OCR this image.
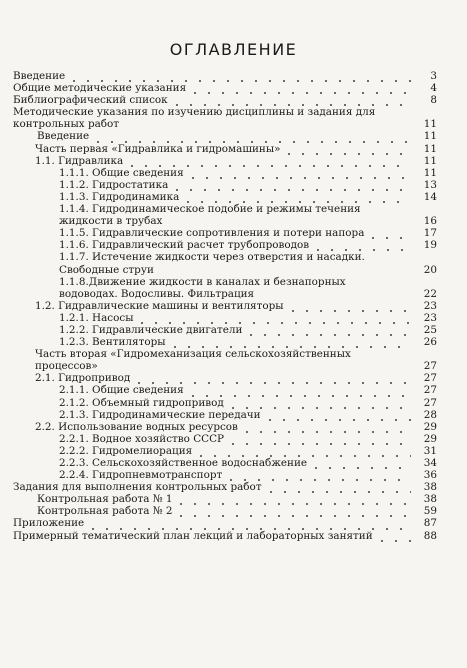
ОГЛАВЛЕНИЕ
Введение	3
Общие методические указания	4
Библиографический список	8
Методические указания по изучению дисциплины и задания для контрольных работ	11
Введение	11
Часть первая «Гидравлика и гидромашины»	11
1.1. Гидравлика	11
1.1.1. Общие сведения	11
1.1.2. Гидростатика	13
1.1.3. Гидродинамика	14
1.1.4. Гидродинамическое подобие и режимы течения жидкости в трубах	16
1.1.5. Гидравлические сопротивления и потери напора	17
1.1.6. Гидравлический расчет трубопроводов	19
1.1.7. Истечение жидкости через отверстия и насадки. Свободные струи	20
1.1.8.Движение жидкости в каналах и безнапорных водоводах. Водосливы. Фильтрация	22
1.2. Гидравлические машины и вентиляторы	23
1.2.1. Насосы	23
1.2.2. Гидравлические двигатели	25
1.2.3. Вентиляторы	26
Часть вторая «Гидромеханизация сельскохозяйственных процессов»	27
2.1. Гидропривод	27
2.1.1. Общие сведения	27
2.1.2. Объемный гидропривод	27
2.1.3. Гидродинамические передачи	28
2.2. Использование водных ресурсов	29
2.2.1. Водное хозяйство СССР	29
2.2.2. Гидромелиорация	31
2.2.3. Сельскохозяйственное водоснабжение	34
2.2.4. Гидропневмотранспорт	36
Задания для выполнения контрольных работ	38
Контрольная работа № 1	38
Контрольная работа № 2	59
Приложение	87
Примерный тематический план лекций и лабораторных занятий	88
